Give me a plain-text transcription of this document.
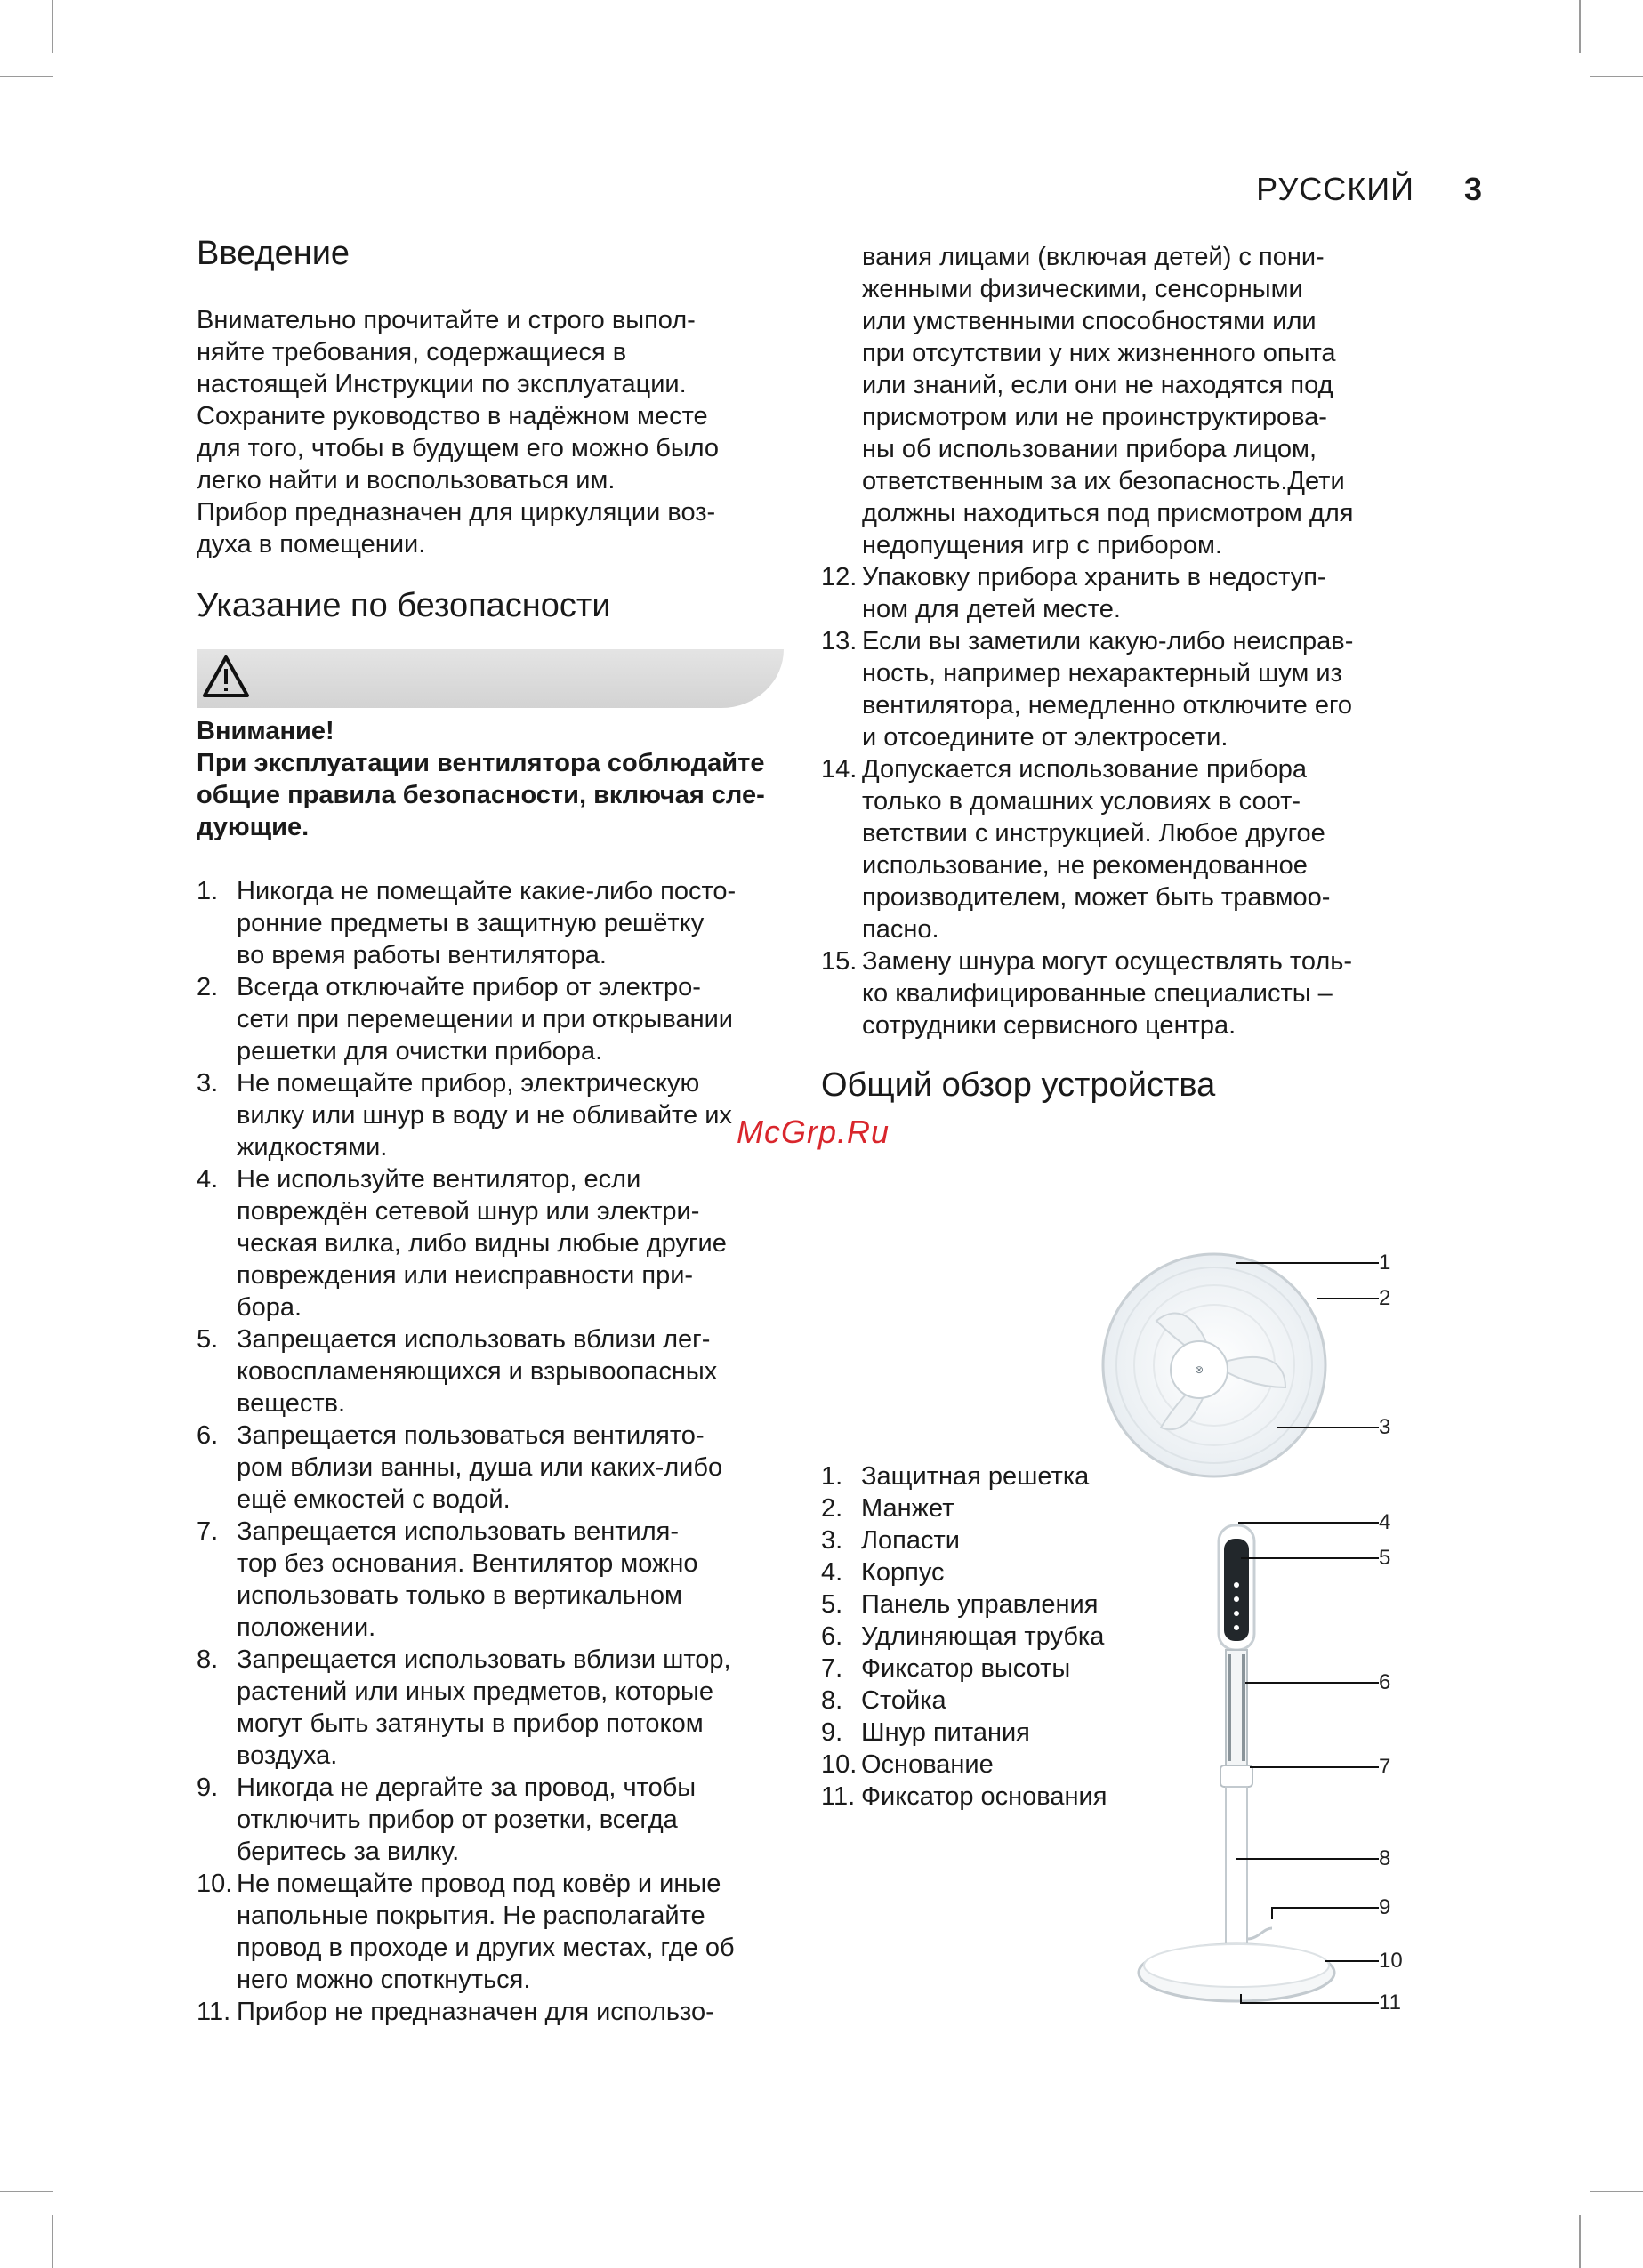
РУССКИЙ 3
Введение
Внимательно прочитайте и строго выпол-
няйте требования, содержащиеся в
настоящей Инструкции по эксплуатации.
Сохраните руководство в надёжном месте
для того, чтобы в будущем его можно было
легко найти и воспользоваться им.
Прибор предназначен для циркуляции воз-
духа в помещении.
Указание по безопасности

Внимание!

При эксплуатации вентилятора соблюдайте
общие правила безопасности, включая сле-
дующие.
1. Никогда не помещайте какие-либо посто-
ронние предметы в защитную решётку
во время работы вентилятора.
2. Всегда отключайте прибор от электро-
сети при перемещении и при открывании
решетки для очистки прибора.
3. Не помещайте прибор, электрическую
вилку или шнур в воду и не обливайте их
жидкостями.
4. Не используйте вентилятор, если
повреждён сетевой шнур или электри-
ческая вилка, либо видны любые другие
повреждения или неисправности при-
бора.
5. Запрещается использовать вблизи лег-
ковоспламеняющихся и взрывоопасных
веществ.
6. Запрещается пользоваться вентилято-
ром вблизи ванны, душа или каких-либо
ещё емкостей с водой.
7. Запрещается использовать вентиля-
тор без основания. Вентилятор можно
использовать только в вертикальном
положении.
8. Запрещается использовать вблизи штор,
растений или иных предметов, которые
могут быть затянуты в прибор потоком
воздуха.
9. Никогда не дергайте за провод, чтобы
отключить прибор от розетки, всегда
беритесь за вилку.
10. Не помещайте провод под ковёр и иные
напольные покрытия. Не располагайте
провод в проходе и других местах, где об
него можно споткнуться.
11. Прибор не предназначен для использо-
McGrp.Ru
вания лицами (включая детей) с пони-
женными физическими, сенсорными
или умственными способностями или
при отсутствии у них жизненного опыта
или знаний, если они не находятся под
присмотром или не проинструктирова-
ны об использовании прибора лицом,
ответственным за их безопасность.Дети
должны находиться под присмотром для
недопущения игр с прибором.
12. Упаковку прибора хранить в недоступ-
ном для детей месте.
13. Если вы заметили какую-либо неисправ-
ность, например нехарактерный шум из
вентилятора, немедленно отключите его
и отсоедините от электросети.
14. Допускается использование прибора
только в домашних условиях в соот-
ветствии с инструкцией. Любое другое
использование, не рекомендованное
производителем, может быть травмоо-
пасно.
15. Замену шнура могут осуществлять толь-
ко квалифицированные специалисты –
сотрудники сервисного центра.
Общий обзор устройства
1. Защитная решетка
2. Манжет
3. Лопасти
4. Корпус
5. Панель управления
6. Удлиняющая трубка
7. Фиксатор высоты
8. Стойка
9. Шнур питания
10. Основание
11. Фиксатор основания
⊗
1
2
3
4
5
6
7
8
9
10
11
